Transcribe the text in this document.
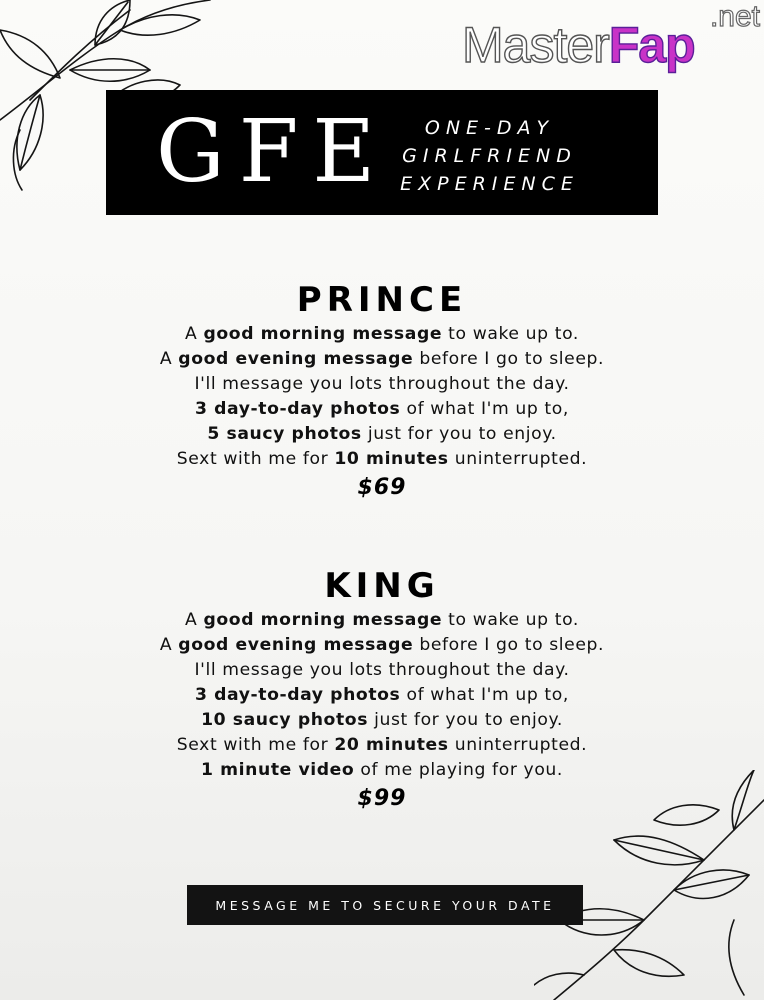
MasterFap
.net
GFE	ONE-DAY
GIRLFRIEND
EXPERIENCE
PRINCE
A good morning message to wake up to.
A good evening message before I go to sleep.
I'll message you lots throughout the day.
3 day-to-day photos of what I'm up to,
5 saucy photos just for you to enjoy.
Sext with me for 10 minutes uninterrupted.
$69
KING
A good morning message to wake up to.
A good evening message before I go to sleep.
I'll message you lots throughout the day.
3 day-to-day photos of what I'm up to,
10 saucy photos just for you to enjoy.
Sext with me for 20 minutes uninterrupted.
1 minute video of me playing for you.
$99
MESSAGE ME TO SECURE YOUR DATE
